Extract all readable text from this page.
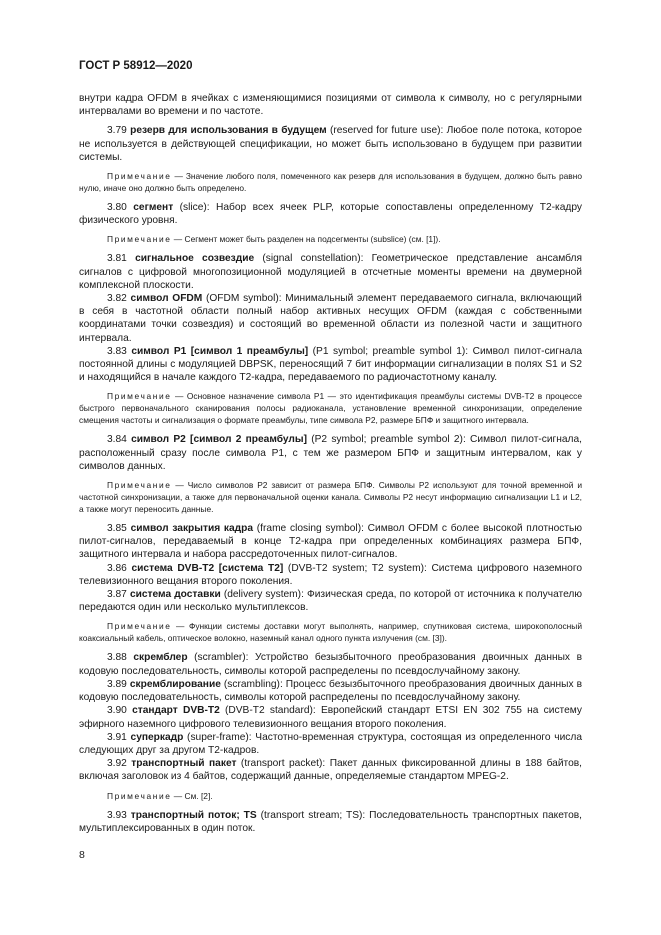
ГОСТ Р 58912—2020

внутри кадра OFDM в ячейках с изменяющимися позициями от символа к символу, но с регулярными интервалами во времени и по частоте.

3.79 резерв для использования в будущем (reserved for future use): Любое поле потока, которое не используется в действующей спецификации, но может быть использовано в будущем при развитии системы.

Примечание — Значение любого поля, помеченного как резерв для использования в будущем, должно быть равно нулю, иначе оно должно быть определено.

3.80 сегмент (slice): Набор всех ячеек PLP, которые сопоставлены определенному Т2-кадру физического уровня.

Примечание — Сегмент может быть разделен на подсегменты (subslice) (см. [1]).

3.81 сигнальное созвездие (signal constellation): Геометрическое представление ансамбля сигналов с цифровой многопозиционной модуляцией в отсчетные моменты времени на двумерной комплексной плоскости.

3.82 символ OFDM (OFDM symbol): Минимальный элемент передаваемого сигнала, включающий в себя в частотной области полный набор активных несущих OFDM (каждая с собственными координатами точки созвездия) и состоящий во временной области из полезной части и защитного интервала.

3.83 символ Р1 [символ 1 преамбулы] (P1 symbol; preamble symbol 1): Символ пилот-сигнала постоянной длины с модуляцией DBPSK, переносящий 7 бит информации сигнализации в полях S1 и S2 и находящийся в начале каждого Т2-кадра, передаваемого по радиочастотному каналу.

Примечание — Основное назначение символа Р1 — это идентификация преамбулы системы DVB-T2 в процессе быстрого первоначального сканирования полосы радиоканала, установление временной синхронизации, определение смещения частоты и сигнализация о формате преамбулы, типе символа Р2, размере БПФ и защитного интервала.

3.84 символ Р2 [символ 2 преамбулы] (P2 symbol; preamble symbol 2): Символ пилот-сигнала, расположенный сразу после символа Р1, с тем же размером БПФ и защитным интервалом, как у символов данных.

Примечание — Число символов Р2 зависит от размера БПФ. Символы Р2 используют для точной временной и частотной синхронизации, а также для первоначальной оценки канала. Символы Р2 несут информацию сигнализации L1 и L2, а также могут переносить данные.

3.85 символ закрытия кадра (frame closing symbol): Символ OFDM с более высокой плотностью пилот-сигналов, передаваемый в конце Т2-кадра при определенных комбинациях размера БПФ, защитного интервала и набора рассредоточенных пилот-сигналов.

3.86 система DVB-T2 [система Т2] (DVB-T2 system; T2 system): Система цифрового наземного телевизионного вещания второго поколения.

3.87 система доставки (delivery system): Физическая среда, по которой от источника к получателю передаются один или несколько мультиплексов.

Примечание — Функции системы доставки могут выполнять, например, спутниковая система, широкополосный коаксиальный кабель, оптическое волокно, наземный канал одного пункта излучения (см. [3]).

3.88 скремблер (scrambler): Устройство безызбыточного преобразования двоичных данных в кодовую последовательность, символы которой распределены по псевдослучайному закону.

3.89 скремблирование (scrambling): Процесс безызбыточного преобразования двоичных данных в кодовую последовательность, символы которой распределены по псевдослучайному закону.

3.90 стандарт DVB-T2 (DVB-T2 standard): Европейский стандарт ETSI EN 302 755 на систему эфирного наземного цифрового телевизионного вещания второго поколения.

3.91 суперкадр (super-frame): Частотно-временная структура, состоящая из определенного числа следующих друг за другом Т2-кадров.

3.92 транспортный пакет (transport packet): Пакет данных фиксированной длины в 188 байтов, включая заголовок из 4 байтов, содержащий данные, определяемые стандартом MPEG-2.

Примечание — См. [2].

3.93 транспортный поток; TS (transport stream; TS): Последовательность транспортных пакетов, мультиплексированных в один поток.

8
